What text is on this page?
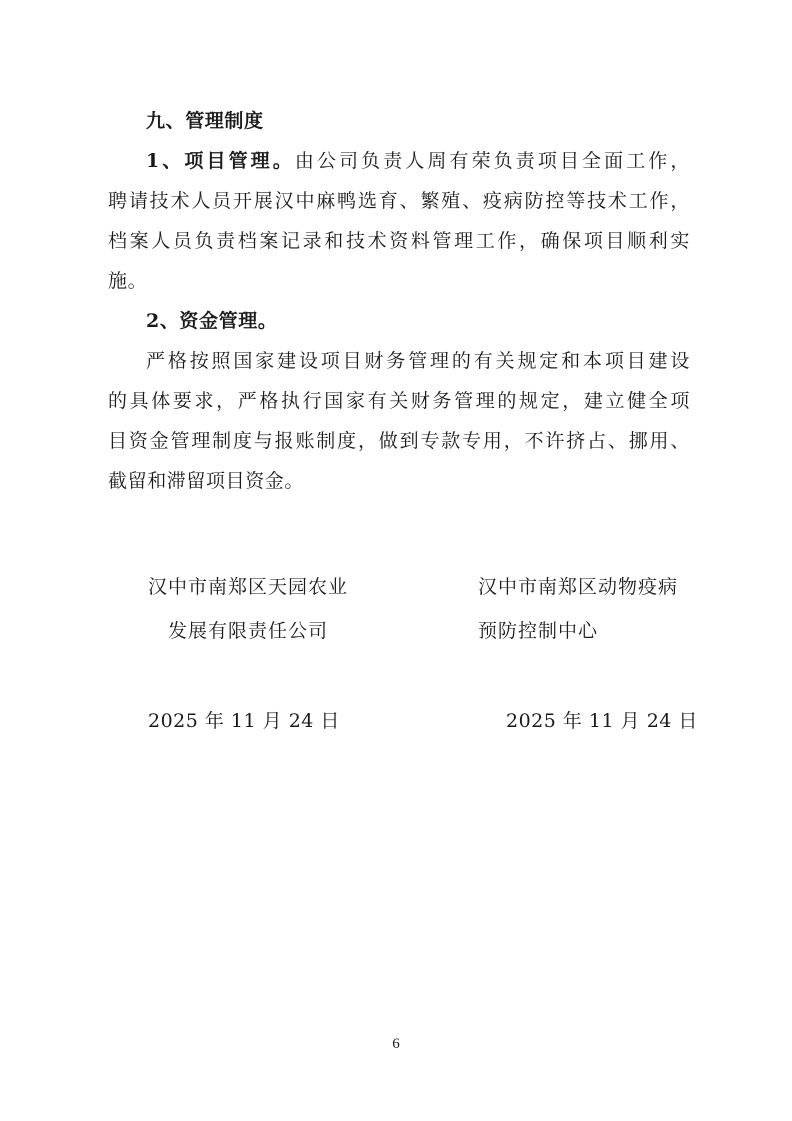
九、管理制度
1、项目管理。由公司负责人周有荣负责项目全面工作，
聘请技术人员开展汉中麻鸭选育、繁殖、疫病防控等技术工作，
档案人员负责档案记录和技术资料管理工作，确保项目顺利实
施。
2、资金管理。
严格按照国家建设项目财务管理的有关规定和本项目建设
的具体要求，严格执行国家有关财务管理的规定，建立健全项
目资金管理制度与报账制度，做到专款专用，不许挤占、挪用、
截留和滞留项目资金。
汉中市南郑区天园农业
发展有限责任公司
2025 年 11 月 24 日
汉中市南郑区动物疫病
预防控制中心
2025 年 11 月 24 日
6
